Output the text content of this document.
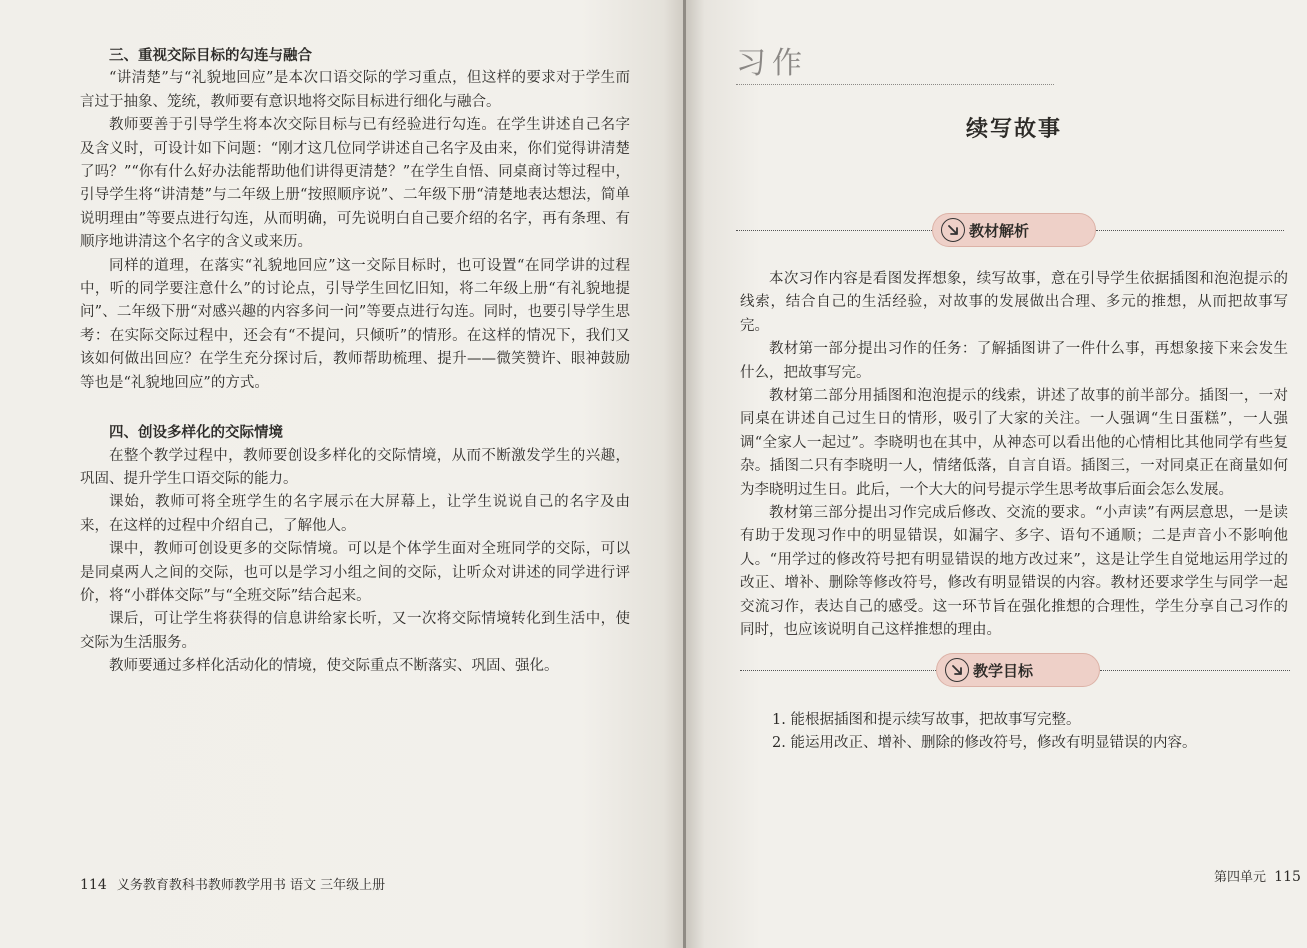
三、重视交际目标的勾连与融合

“讲清楚”与“礼貌地回应”是本次口语交际的学习重点，但这样的要求对于学生而言过于抽象、笼统，教师要有意识地将交际目标进行细化与融合。

教师要善于引导学生将本次交际目标与已有经验进行勾连。在学生讲述自己名字及含义时，可设计如下问题：“刚才这几位同学讲述自己名字及由来，你们觉得讲清楚了吗？”“你有什么好办法能帮助他们讲得更清楚？”在学生自悟、同桌商讨等过程中，引导学生将“讲清楚”与二年级上册“按照顺序说”、二年级下册“清楚地表达想法，简单说明理由”等要点进行勾连，从而明确，可先说明白自己要介绍的名字，再有条理、有顺序地讲清这个名字的含义或来历。

同样的道理，在落实“礼貌地回应”这一交际目标时，也可设置“在同学讲的过程中，听的同学要注意什么”的讨论点，引导学生回忆旧知，将二年级上册“有礼貌地提问”、二年级下册“对感兴趣的内容多问一问”等要点进行勾连。同时，也要引导学生思考：在实际交际过程中，还会有“不提问，只倾听”的情形。在这样的情况下，我们又该如何做出回应？在学生充分探讨后，教师帮助梳理、提升——微笑赞许、眼神鼓励等也是“礼貌地回应”的方式。

四、创设多样化的交际情境

在整个教学过程中，教师要创设多样化的交际情境，从而不断激发学生的兴趣，巩固、提升学生口语交际的能力。

课始，教师可将全班学生的名字展示在大屏幕上，让学生说说自己的名字及由来，在这样的过程中介绍自己，了解他人。

课中，教师可创设更多的交际情境。可以是个体学生面对全班同学的交际，可以是同桌两人之间的交际，也可以是学习小组之间的交际，让听众对讲述的同学进行评价，将“小群体交际”与“全班交际”结合起来。

课后，可让学生将获得的信息讲给家长听，又一次将交际情境转化到生活中，使交际为生活服务。

教师要通过多样化活动化的情境，使交际重点不断落实、巩固、强化。

114 义务教育教科书教师教学用书 语文 三年级上册
习作
续写故事
教材解析

本次习作内容是看图发挥想象，续写故事，意在引导学生依据插图和泡泡提示的线索，结合自己的生活经验，对故事的发展做出合理、多元的推想，从而把故事写完。

教材第一部分提出习作的任务：了解插图讲了一件什么事，再想象接下来会发生什么，把故事写完。

教材第二部分用插图和泡泡提示的线索，讲述了故事的前半部分。插图一，一对同桌在讲述自己过生日的情形，吸引了大家的关注。一人强调“生日蛋糕”，一人强调“全家人一起过”。李晓明也在其中，从神态可以看出他的心情相比其他同学有些复杂。插图二只有李晓明一人，情绪低落，自言自语。插图三，一对同桌正在商量如何为李晓明过生日。此后，一个大大的问号提示学生思考故事后面会怎么发展。

教材第三部分提出习作完成后修改、交流的要求。“小声读”有两层意思，一是读有助于发现习作中的明显错误，如漏字、多字、语句不通顺；二是声音小不影响他人。“用学过的修改符号把有明显错误的地方改过来”，这是让学生自觉地运用学过的改正、增补、删除等修改符号，修改有明显错误的内容。教材还要求学生与同学一起交流习作，表达自己的感受。这一环节旨在强化推想的合理性，学生分享自己习作的同时，也应该说明自己这样推想的理由。

教学目标
1. 能根据插图和提示续写故事，把故事写完整。
2. 能运用改正、增补、删除的修改符号，修改有明显错误的内容。
第四单元 115
